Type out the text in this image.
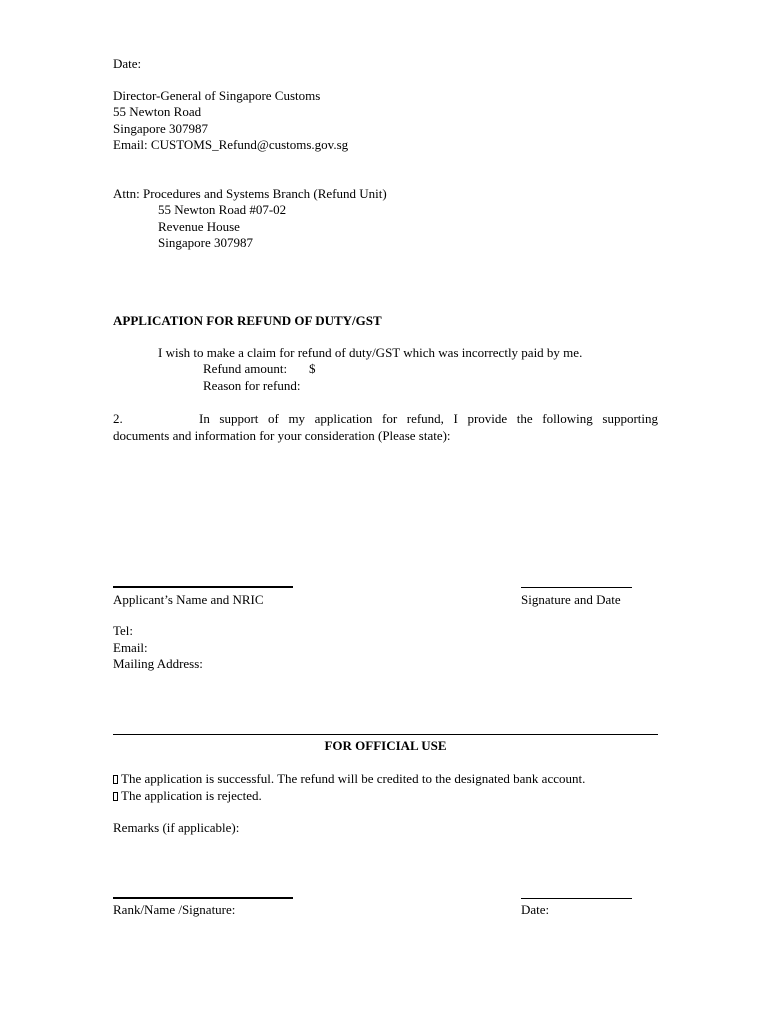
Date:
Director-General of Singapore Customs
55 Newton Road
Singapore 307987
Email: CUSTOMS_Refund@customs.gov.sg
Attn: Procedures and Systems Branch (Refund Unit)
55 Newton Road #07-02
Revenue House
Singapore 307987
APPLICATION FOR REFUND OF DUTY/GST
I wish to make a claim for refund of duty/GST which was incorrectly paid by me.
Refund amount: $
Reason for refund:
2.	In support of my application for refund, I provide the following supporting
documents and information for your consideration (Please state):
Applicant’s Name and NRIC	Signature and Date
Tel:
Email:
Mailing Address:
FOR OFFICIAL USE
The application is successful. The refund will be credited to the designated bank account.
The application is rejected.
Remarks (if applicable):
Rank/Name /Signature:	Date:
